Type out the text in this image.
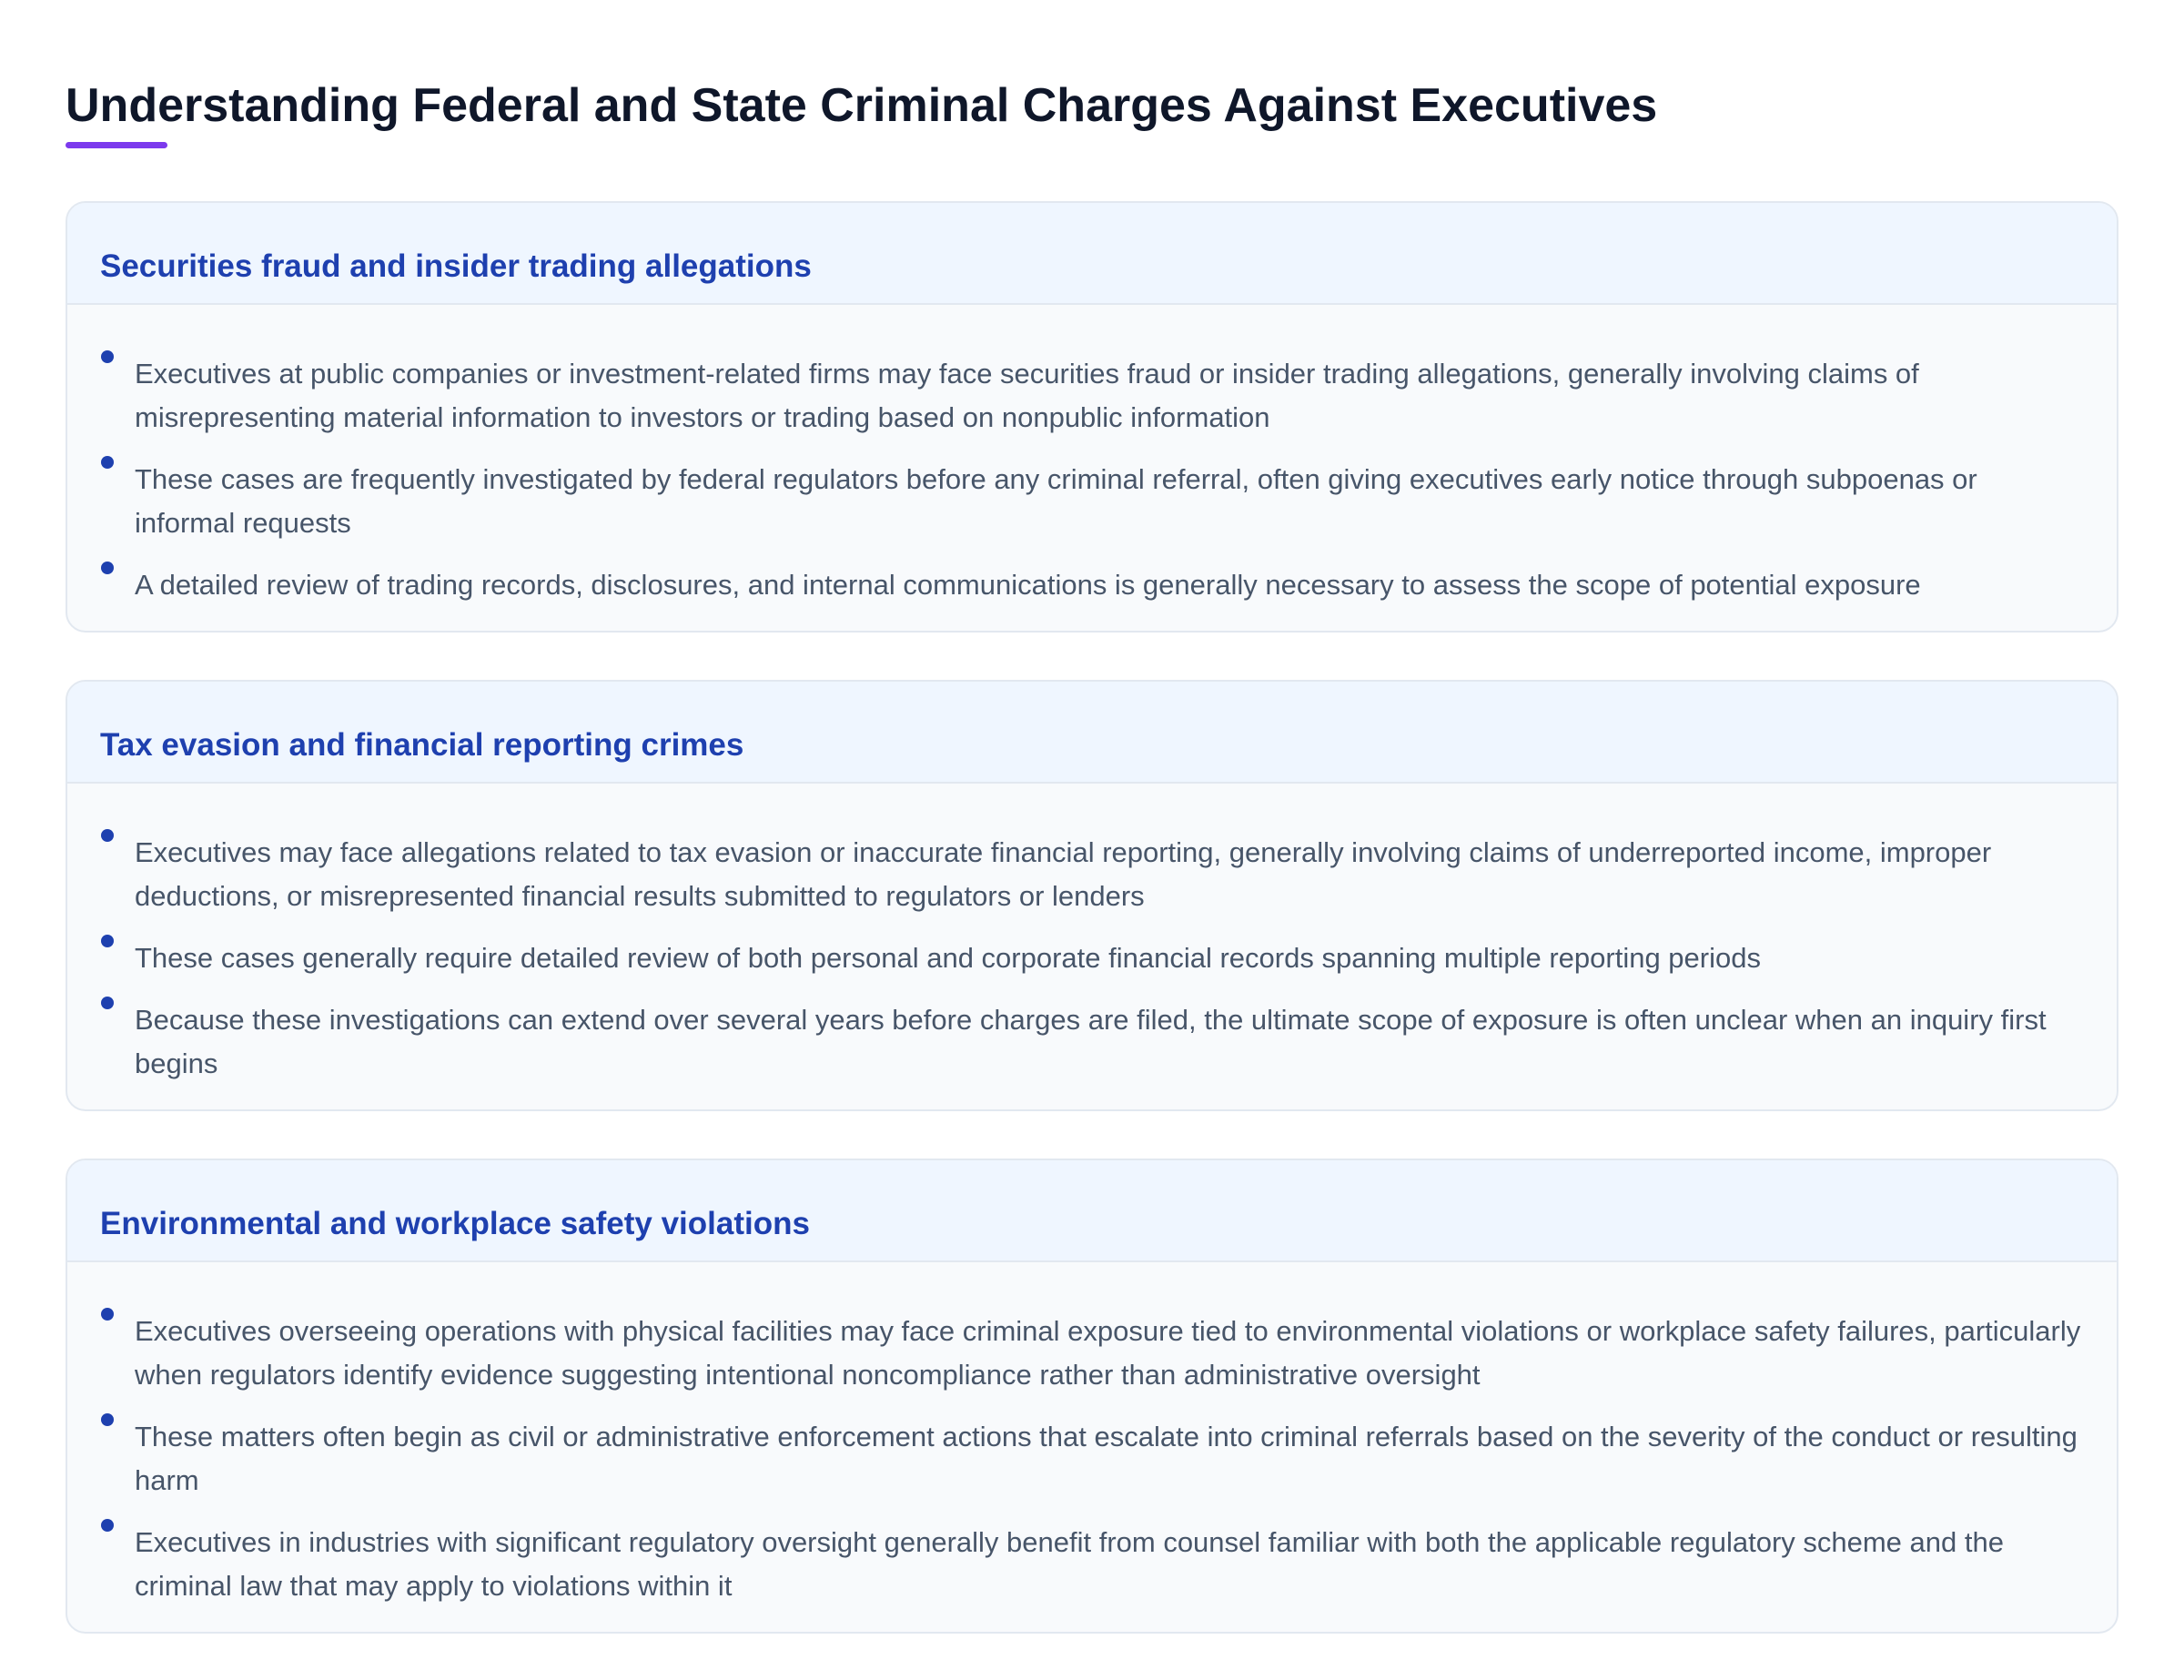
Understanding Federal and State Criminal Charges Against Executives
Securities fraud and insider trading allegations
Executives at public companies or investment-related firms may face securities fraud or insider trading allegations, generally involving claims of misrepresenting material information to investors or trading based on nonpublic information
These cases are frequently investigated by federal regulators before any criminal referral, often giving executives early notice through subpoenas or informal requests
A detailed review of trading records, disclosures, and internal communications is generally necessary to assess the scope of potential exposure
Tax evasion and financial reporting crimes
Executives may face allegations related to tax evasion or inaccurate financial reporting, generally involving claims of underreported income, improper deductions, or misrepresented financial results submitted to regulators or lenders
These cases generally require detailed review of both personal and corporate financial records spanning multiple reporting periods
Because these investigations can extend over several years before charges are filed, the ultimate scope of exposure is often unclear when an inquiry first begins
Environmental and workplace safety violations
Executives overseeing operations with physical facilities may face criminal exposure tied to environmental violations or workplace safety failures, particularly when regulators identify evidence suggesting intentional noncompliance rather than administrative oversight
These matters often begin as civil or administrative enforcement actions that escalate into criminal referrals based on the severity of the conduct or resulting harm
Executives in industries with significant regulatory oversight generally benefit from counsel familiar with both the applicable regulatory scheme and the criminal law that may apply to violations within it
